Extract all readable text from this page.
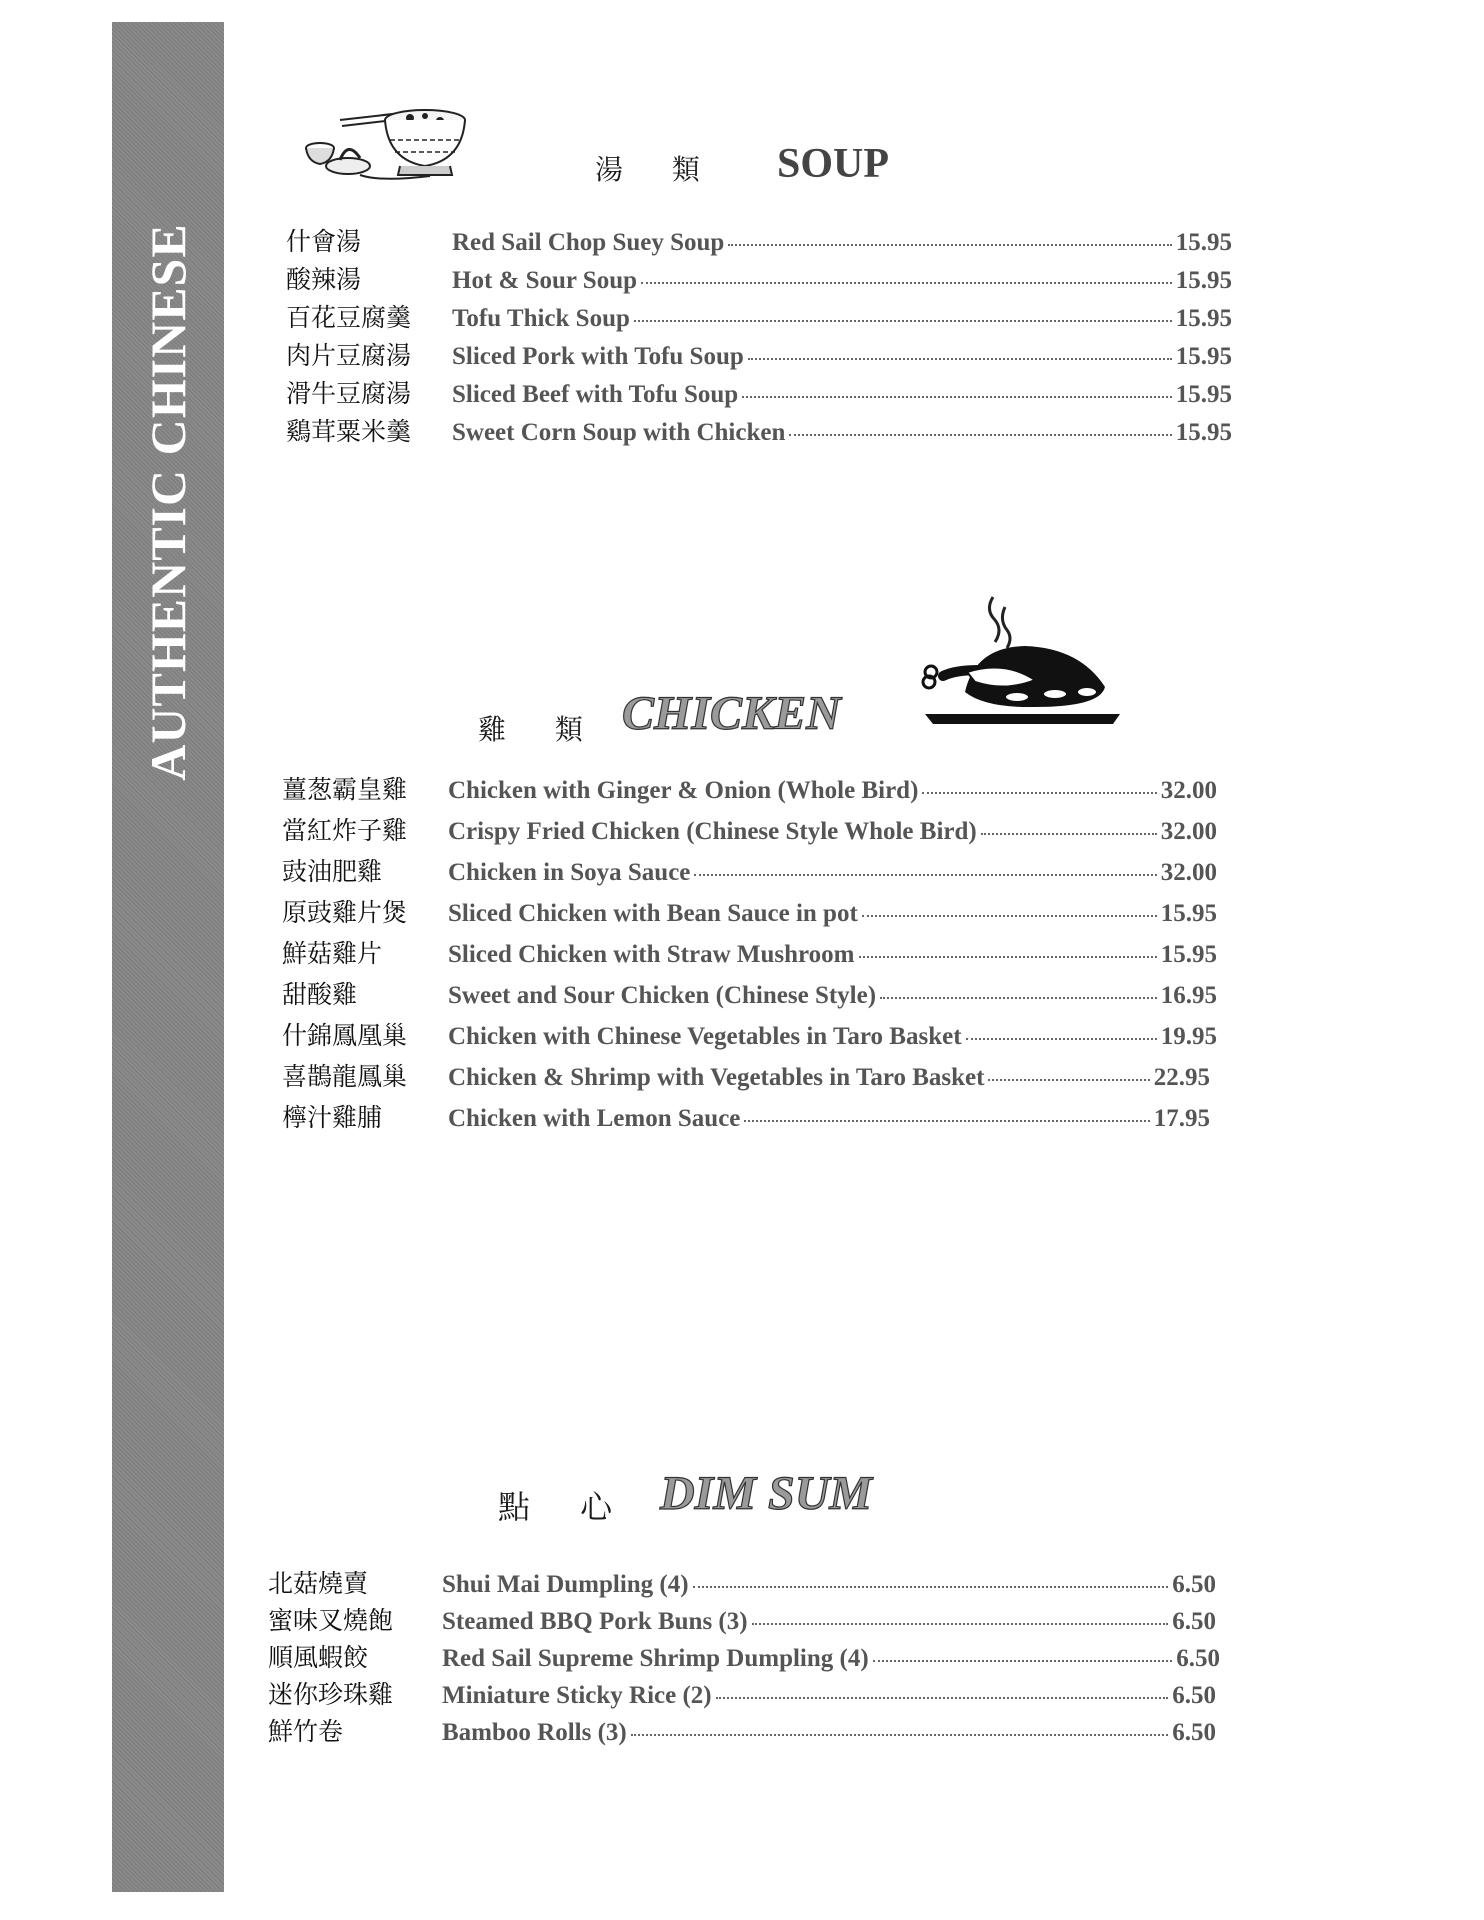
AUTHENTIC CHINESE
湯 類 SOUP
什會湯	Red Sail Chop Suey Soup	15.95
酸辣湯	Hot & Sour Soup	15.95
百花豆腐羹	Tofu Thick Soup	15.95
肉片豆腐湯	Sliced Pork with Tofu Soup	15.95
滑牛豆腐湯	Sliced Beef with Tofu Soup	15.95
鷄茸粟米羹	Sweet Corn Soup with Chicken	15.95
雞 類 CHICKEN
薑葱霸皇雞	Chicken with Ginger & Onion (Whole Bird)	32.00
當紅炸子雞	Crispy Fried Chicken (Chinese Style Whole Bird)	32.00
豉油肥雞	Chicken in Soya Sauce	32.00
原豉雞片煲	Sliced Chicken with Bean Sauce in pot	15.95
鮮菇雞片	Sliced Chicken with Straw Mushroom	15.95
甜酸雞	Sweet and Sour Chicken (Chinese Style)	16.95
什錦鳳凰巢	Chicken with Chinese Vegetables in Taro Basket	19.95
喜鵲龍鳳巢	Chicken & Shrimp with Vegetables in Taro Basket	22.95
檸汁雞脯	Chicken with Lemon Sauce	17.95
點 心 DIM SUM
北菇燒賣	Shui Mai Dumpling (4)	6.50
蜜味叉燒飽	Steamed BBQ Pork Buns (3)	6.50
順風蝦餃	Red Sail Supreme Shrimp Dumpling (4)	6.50
迷你珍珠雞	Miniature Sticky Rice (2)	6.50
鮮竹卷	Bamboo Rolls (3)	6.50
